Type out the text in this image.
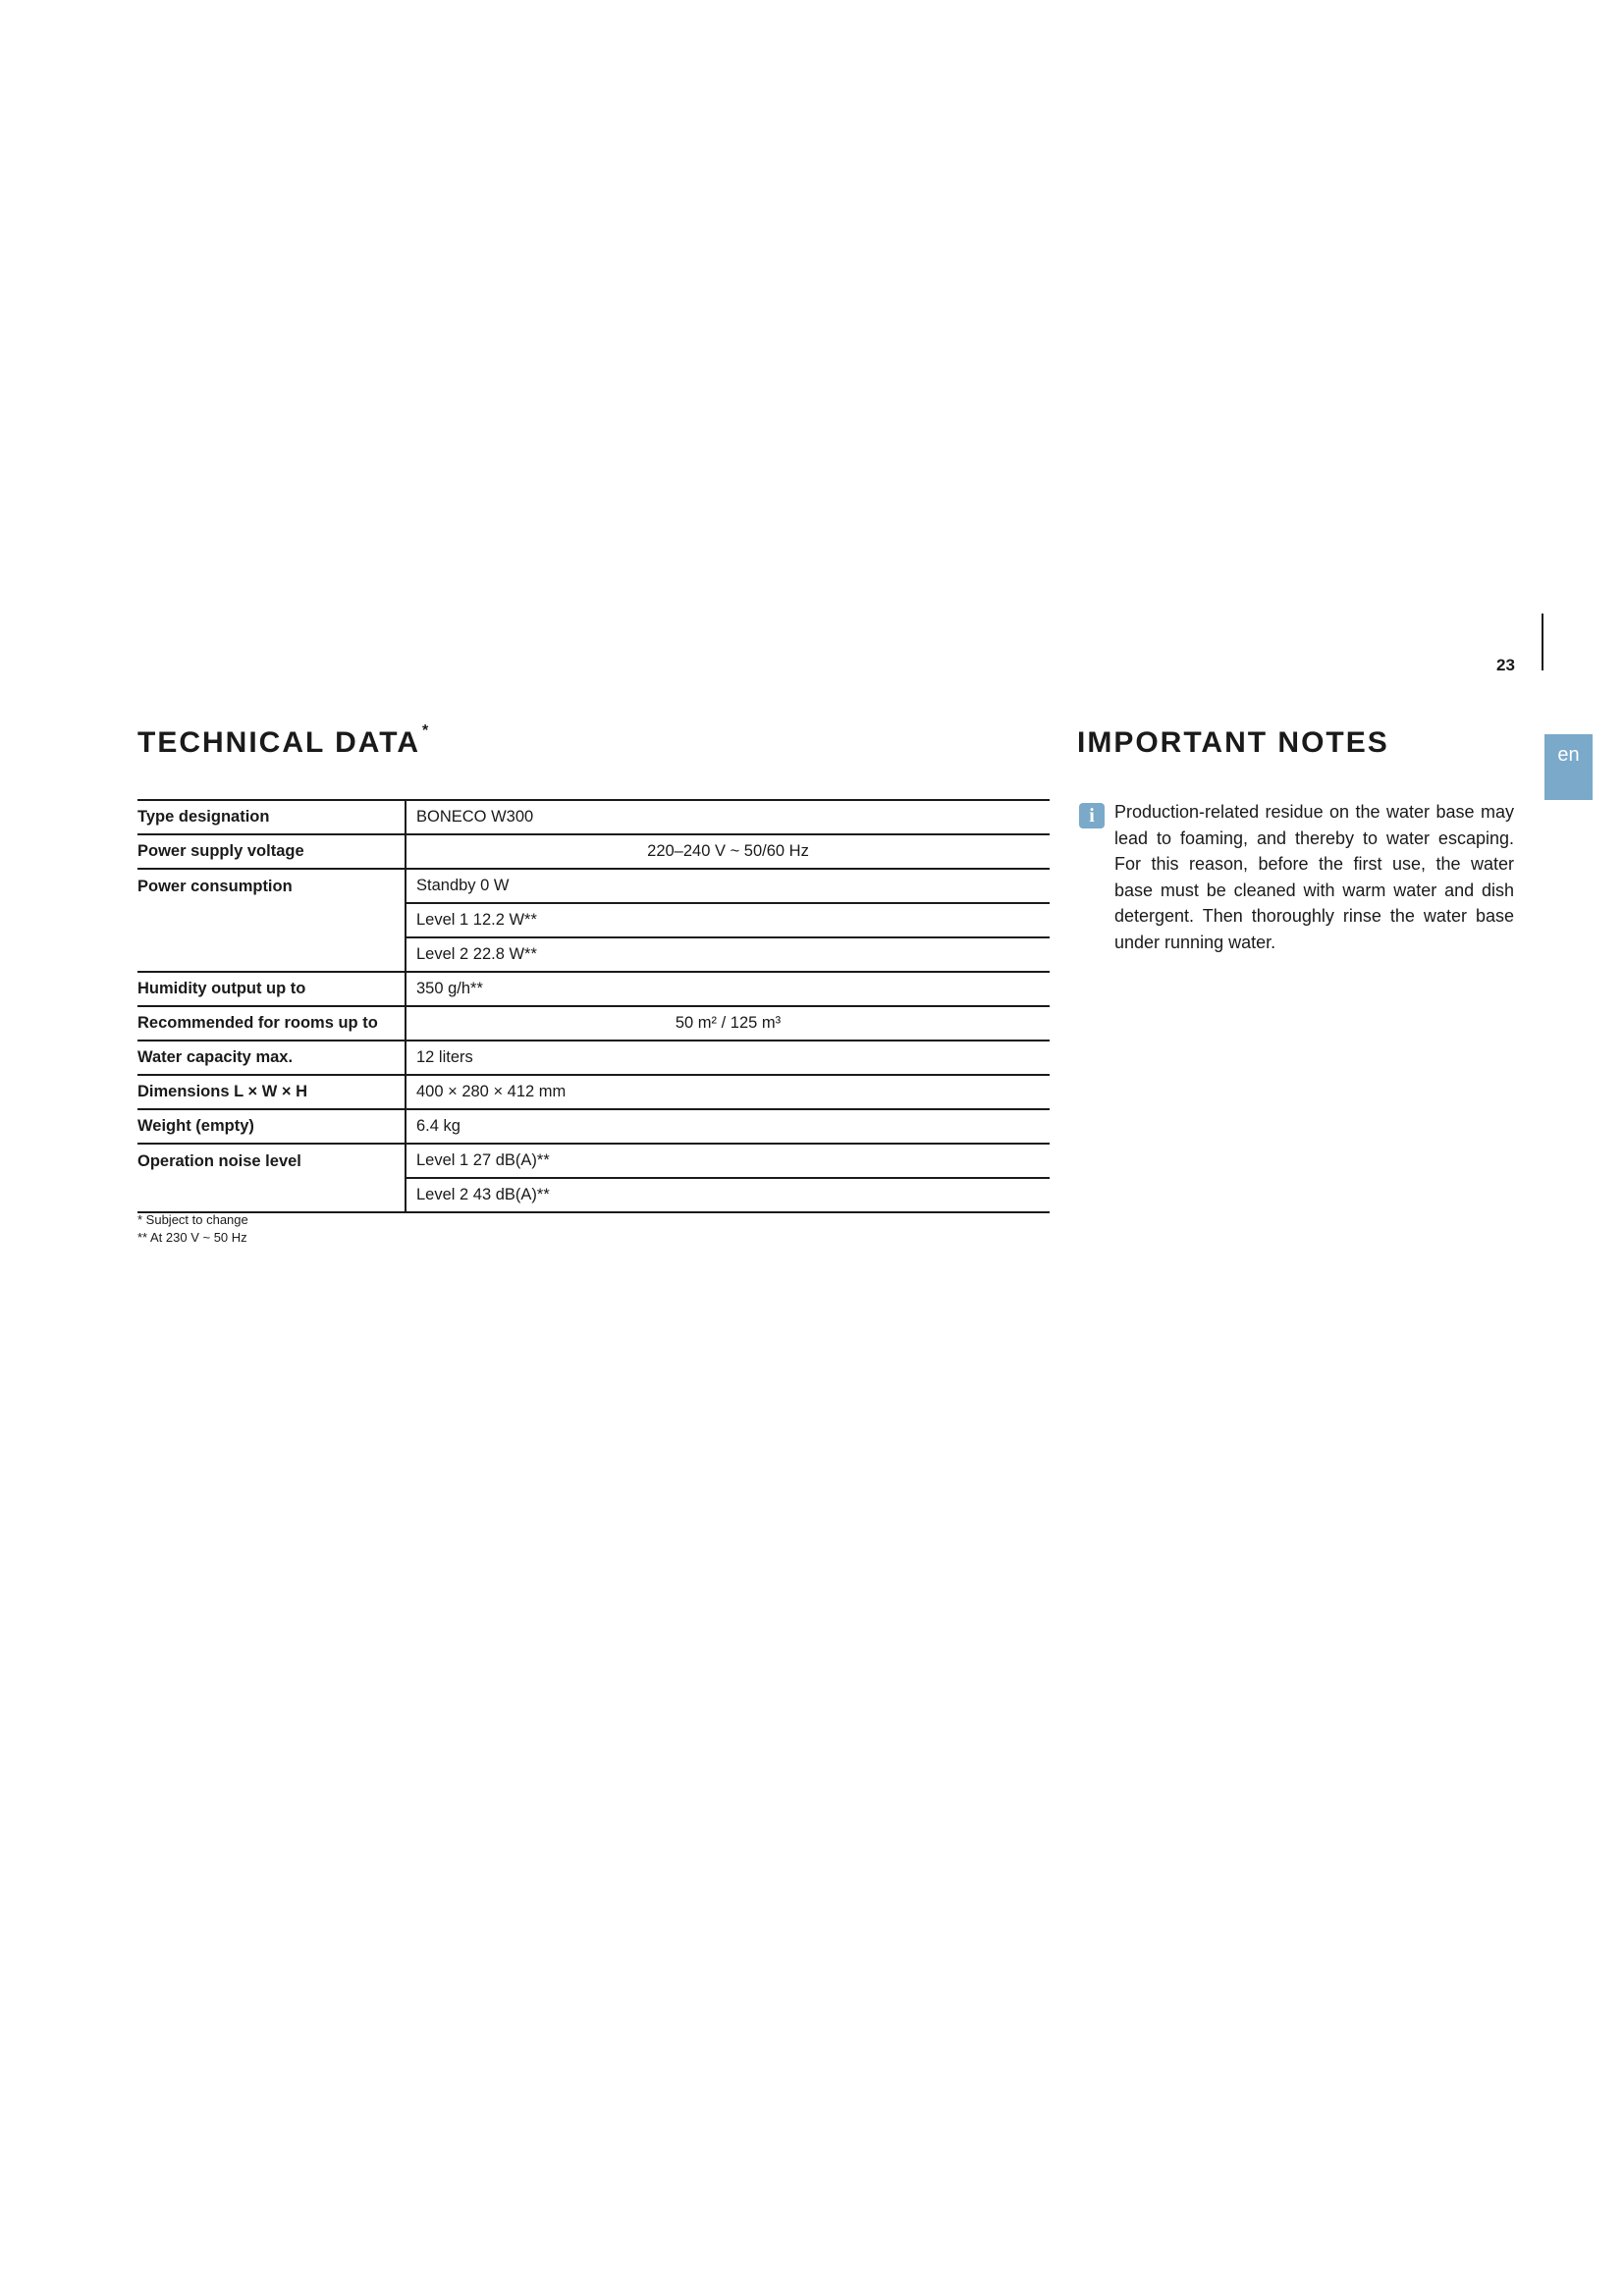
23
en
TECHNICAL DATA *
Type designation	BONECO W300
Power supply voltage	220–240 V ~ 50/60 Hz
Power consumption	Standby 0 W
	Level 1 12.2 W**
	Level 2 22.8 W**
Humidity output up to	350 g/h**
Recommended for rooms up to	50 m² / 125 m³
Water capacity max.	12 liters
Dimensions L × W × H	400 × 280 × 412 mm
Weight (empty)	6.4 kg
Operation noise level	Level 1 27 dB(A)**
	Level 2 43 dB(A)**
* Subject to change
** At 230 V ~ 50 Hz
IMPORTANT NOTES
i	Production-related residue on the water base may lead to foaming, and thereby to water escaping. For this reason, before the first use, the water base must be cleaned with warm water and dish detergent. Then thoroughly rinse the water base under running water.
